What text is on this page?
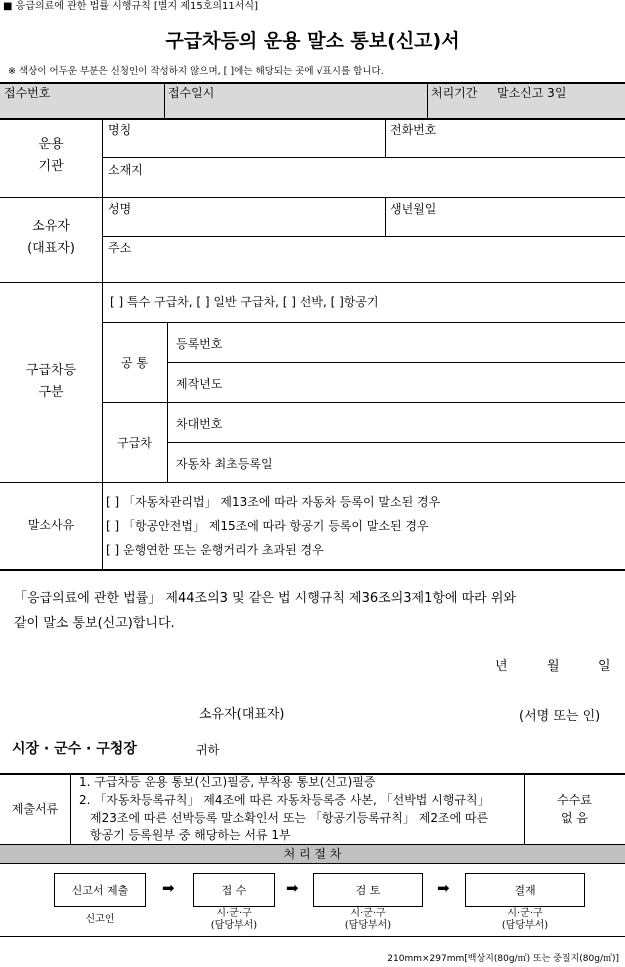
■ 응급의료에 관한 법률 시행규칙 [별지 제15호의11서식]
구급차등의 운용 말소 통보(신고)서
※ 색상이 어두운 부분은 신청인이 작성하지 않으며, [ ]에는 해당되는 곳에 √표시를 합니다.
접수번호	접수일시	처리기간 말소신고 3일
운용
기관
명칭	전화번호
소재지
소유자
(대표자)
성명	생년월일
주소
구급차등
구분
[ ] 특수 구급차, [ ] 일반 구급차, [ ] 선박, [ ]항공기
공 통
등록번호
제작년도
구급차
차대번호
자동차 최초등록일
말소사유
[ ] 「자동차관리법」 제13조에 따라 자동차 등록이 말소된 경우
[ ] 「항공안전법」 제15조에 따라 항공기 등록이 말소된 경우
[ ] 운행연한 또는 운행거리가 초과된 경우
「응급의료에 관한 법률」 제44조의3 및 같은 법 시행규칙 제36조의3제1항에 따라 위와
같이 말소 통보(신고)합니다.
년	월	일
소유자(대표자)	(서명 또는 인)
시장 · 군수 · 구청장	귀하
제출서류
1. 구급차등 운용 통보(신고)필증, 부착용 통보(신고)필증
2. 「자동차등록규칙」 제4조에 따른 자동차등록증 사본, 「선박법 시행규칙」
제23조에 따른 선박등록 말소확인서 또는 「항공기등록규칙」 제2조에 따른
항공기 등록원부 중 해당하는 서류 1부
수수료
없 음
처 리 절 차
신고서 제출	➡	접 수	➡	검 토	➡	결재
신고인
시·군·구
(담당부서)
시·군·구
(담당부서)
시·군·구
(담당부서)
210mm×297mm[백상지(80g/㎡) 또는 중질지(80g/㎡)]
